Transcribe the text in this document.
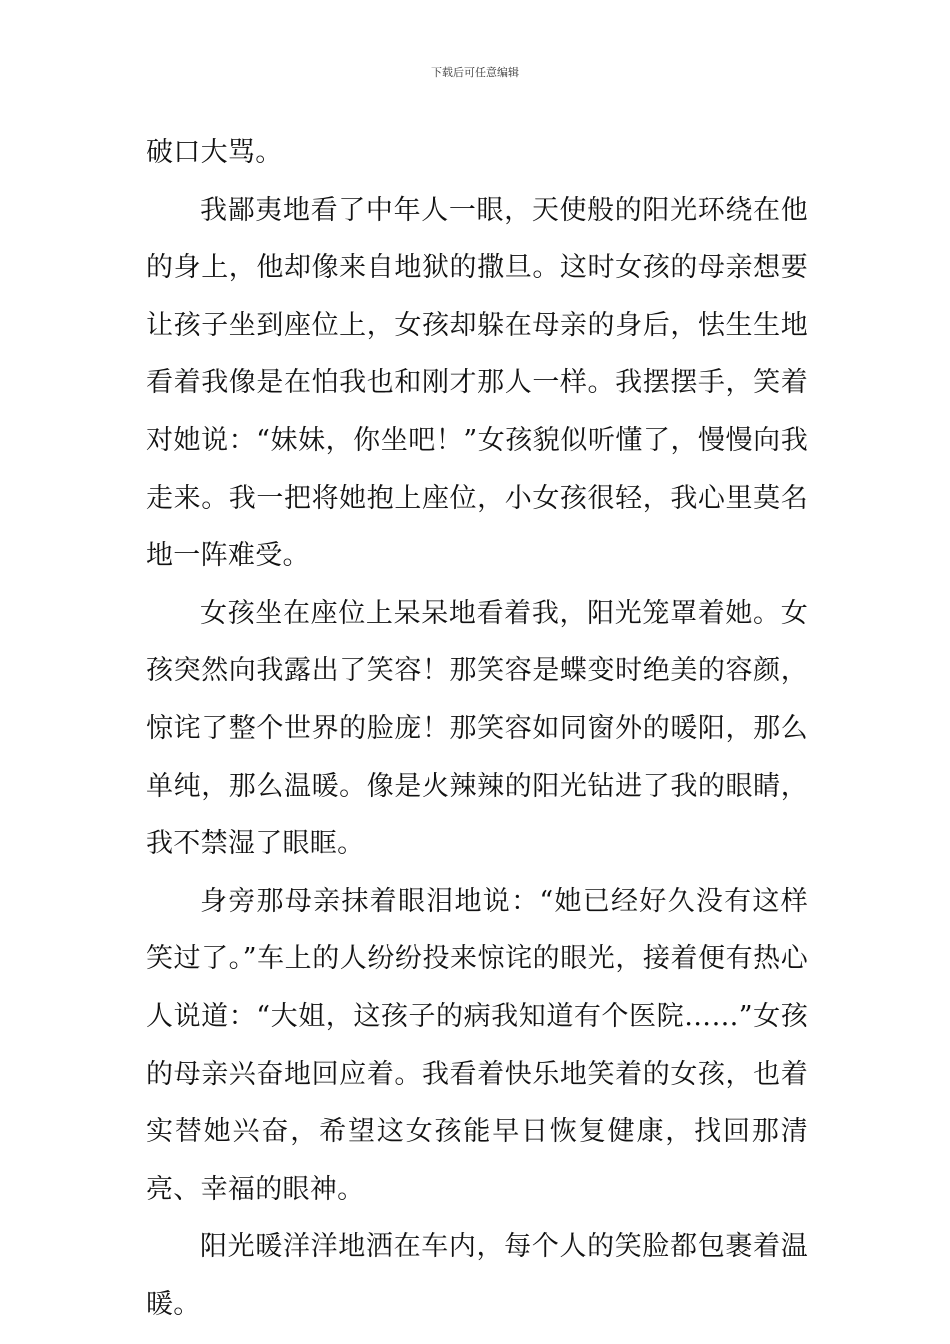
下载后可任意编辑

破口大骂。

我鄙夷地看了中年人一眼，天使般的阳光环绕在他的身上，他却像来自地狱的撒旦。这时女孩的母亲想要让孩子坐到座位上，女孩却躲在母亲的身后，怯生生地看着我像是在怕我也和刚才那人一样。我摆摆手，笑着对她说：“妹妹，你坐吧！”女孩貌似听懂了，慢慢向我走来。我一把将她抱上座位，小女孩很轻，我心里莫名地一阵难受。

女孩坐在座位上呆呆地看着我，阳光笼罩着她。女孩突然向我露出了笑容！那笑容是蝶变时绝美的容颜，惊诧了整个世界的脸庞！那笑容如同窗外的暖阳，那么单纯，那么温暖。像是火辣辣的阳光钻进了我的眼睛，我不禁湿了眼眶。

身旁那母亲抹着眼泪地说：“她已经好久没有这样笑过了。”车上的人纷纷投来惊诧的眼光，接着便有热心人说道：“大姐，这孩子的病我知道有个医院……”女孩的母亲兴奋地回应着。我看着快乐地笑着的女孩，也着实替她兴奋，希望这女孩能早日恢复健康，找回那清亮、幸福的眼神。

阳光暖洋洋地洒在车内，每个人的笑脸都包裹着温暖。
